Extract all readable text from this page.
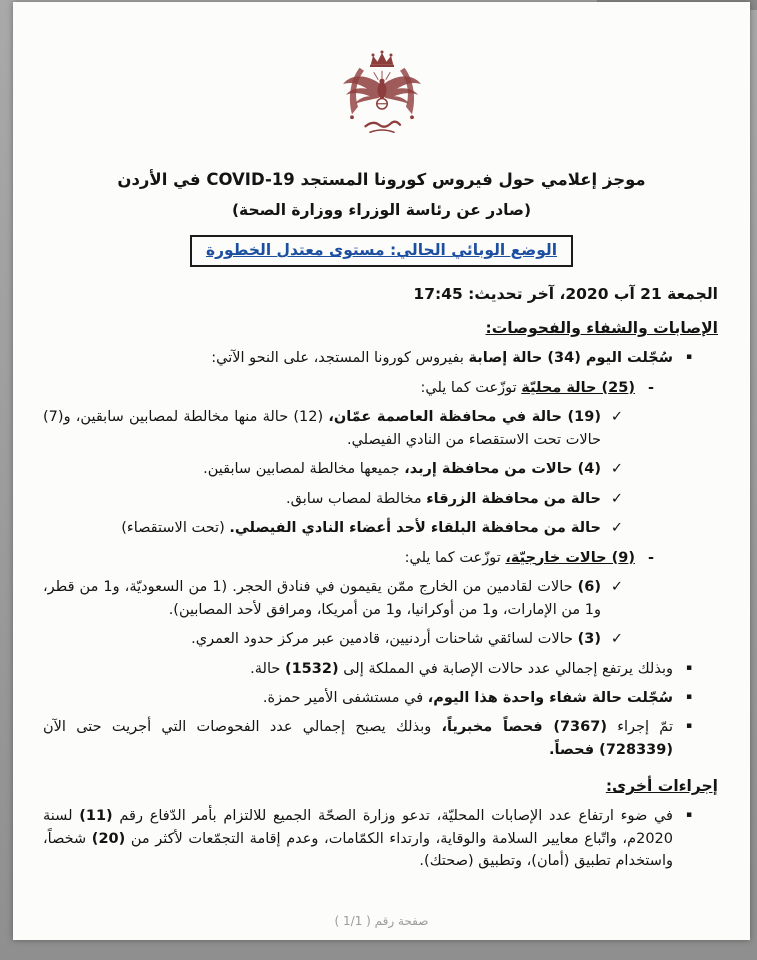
موجز إعلامي حول فيروس كورونا المستجد COVID-19 في الأردن
(صادر عن رئاسة الوزراء ووزارة الصحة)
الوضع الوبائي الحالي: مستوى معتدل الخطورة
الجمعة 21 آب 2020، آخر تحديث: 17:45
الإصابات والشفاء والفحوصات:
▪
سُجّلت اليوم (34) حالة إصابة بفيروس كورونا المستجد، على النحو الآتي:
-
(25) حالة محليّة توزّعت كما يلي:
✓
(19) حالة في محافظة العاصمة عمّان، (12) حالة منها مخالطة لمصابين سابقين، و(7) حالات تحت الاستقصاء من النادي الفيصلي.
✓
(4) حالات من محافظة إربد، جميعها مخالطة لمصابين سابقين.
✓
حالة من محافظة الزرقاء مخالطة لمصاب سابق.
✓
حالة من محافظة البلقاء لأحد أعضاء النادي الفيصلي. (تحت الاستقصاء)
-
(9) حالات خارجيّة، توزّعت كما يلي:
✓
(6) حالات لقادمين من الخارج ممّن يقيمون في فنادق الحجر. (1 من السعوديّة، و1 من قطر، و1 من الإمارات، و1 من أوكرانيا، و1 من أمريكا، ومرافق لأحد المصابين).
✓
(3) حالات لسائقي شاحنات أردنيين، قادمين عبر مركز حدود العمري.
▪
وبذلك يرتفع إجمالي عدد حالات الإصابة في المملكة إلى (1532) حالة.
▪
سُجّلت حالة شفاء واحدة هذا اليوم، في مستشفى الأمير حمزة.
▪
تمّ إجراء (7367) فحصاً مخبرياً، وبذلك يصبح إجمالي عدد الفحوصات التي أجريت حتى الآن (728339) فحصاً.
إجراءات أخرى:
▪
في ضوء ارتفاع عدد الإصابات المحليّة، تدعو وزارة الصحّة الجميع للالتزام بأمر الدّفاع رقم (11) لسنة 2020م، واتّباع معايير السلامة والوقاية، وارتداء الكمّامات، وعدم إقامة التجمّعات لأكثر من (20) شخصاً، واستخدام تطبيق (أمان)، وتطبيق (صحتك).
صفحة رقم ( 1/1 )
